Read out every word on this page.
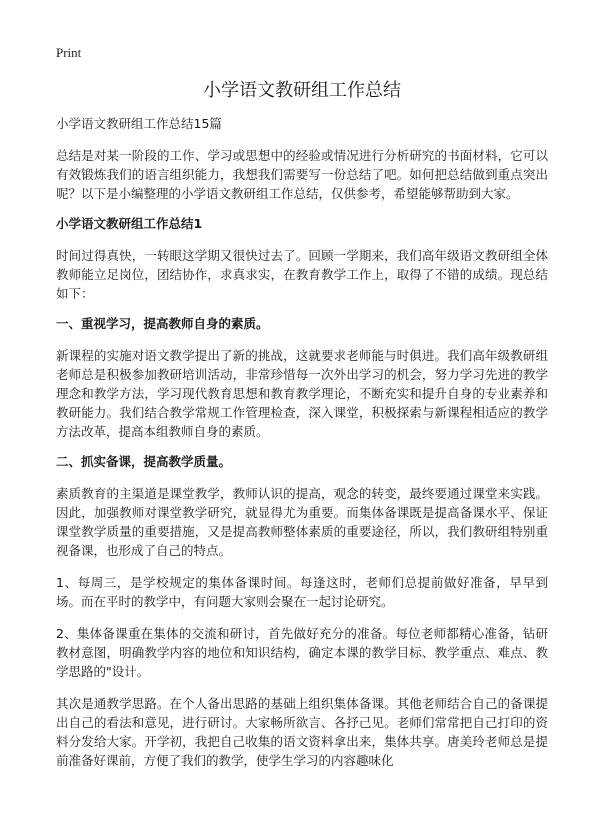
Print
小学语文教研组工作总结
小学语文教研组工作总结15篇

总结是对某一阶段的工作、学习或思想中的经验或情况进行分析研究的书面材料，它可以有效锻炼我们的语言组织能力，我想我们需要写一份总结了吧。如何把总结做到重点突出呢？以下是小编整理的小学语文教研组工作总结，仅供参考，希望能够帮助到大家。

小学语文教研组工作总结1

时间过得真快，一转眼这学期又很快过去了。回顾一学期来，我们高年级语文教研组全体教师能立足岗位，团结协作，求真求实，在教育教学工作上，取得了不错的成绩。现总结如下：

一、重视学习，提高教师自身的素质。

新课程的实施对语文教学提出了新的挑战，这就要求老师能与时俱进。我们高年级教研组老师总是积极参加教研培训活动，非常珍惜每一次外出学习的机会，努力学习先进的教学理念和教学方法，学习现代教育思想和教育教学理论，不断充实和提升自身的专业素养和教研能力。我们结合教学常规工作管理检查，深入课堂，积极探索与新课程相适应的教学方法改革，提高本组教师自身的素质。

二、抓实备课，提高教学质量。

素质教育的主渠道是课堂教学，教师认识的提高，观念的转变，最终要通过课堂来实践。因此，加强教师对课堂教学研究，就显得尤为重要。而集体备课既是提高备课水平、保证课堂教学质量的重要措施，又是提高教师整体素质的重要途径，所以，我们教研组特别重视备课，也形成了自己的特点。

1、每周三，是学校规定的集体备课时间。每逢这时，老师们总提前做好准备，早早到场。而在平时的教学中，有问题大家则会聚在一起讨论研究。

2、集体备课重在集体的交流和研讨，首先做好充分的准备。每位老师都精心准备，钻研教材意图，明确教学内容的地位和知识结构，确定本课的教学目标、教学重点、难点、教学思路的"设计。

其次是通教学思路。在个人备出思路的基础上组织集体备课。其他老师结合自己的备课提出自己的看法和意见，进行研讨。大家畅所欲言、各抒己见。老师们常常把自己打印的资料分发给大家。开学初，我把自己收集的语文资料拿出来，集体共享。唐美玲老师总是提前准备好课前，方便了我们的教学，使学生学习的内容趣味化
